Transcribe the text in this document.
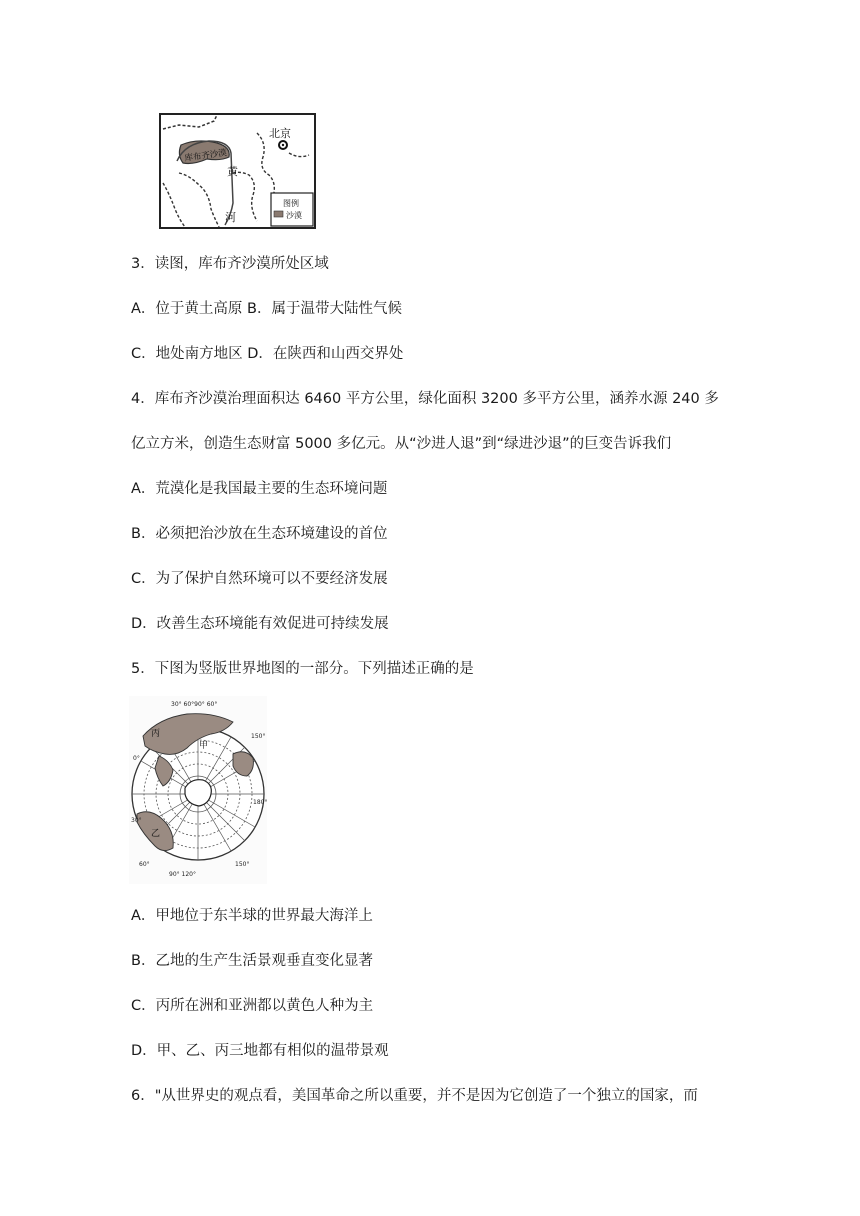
北京
库布齐沙漠
黄
河
图例
沙漠
3．读图，库布齐沙漠所处区域
A．位于黄土高原 B．属于温带大陆性气候
C．地处南方地区 D．在陕西和山西交界处
4．库布齐沙漠治理面积达 6460 平方公里，绿化面积 3200 多平方公里，涵养水源 240 多
亿立方米，创造生态财富 5000 多亿元。从“沙进人退”到“绿进沙退”的巨变告诉我们
A．荒漠化是我国最主要的生态环境问题
B．必须把治沙放在生态环境建设的首位
C．为了保护自然环境可以不要经济发展
D．改善生态环境能有效促进可持续发展
5．下图为竖版世界地图的一部分。下列描述正确的是
丙
甲
乙
30° 60°90° 60°
150°
180°
0°
30°
60°
90° 120°
150°
A．甲地位于东半球的世界最大海洋上
B．乙地的生产生活景观垂直变化显著
C．丙所在洲和亚洲都以黄色人种为主
D．甲、乙、丙三地都有相似的温带景观
6．"从世界史的观点看，美国革命之所以重要，并不是因为它创造了一个独立的国家，而
